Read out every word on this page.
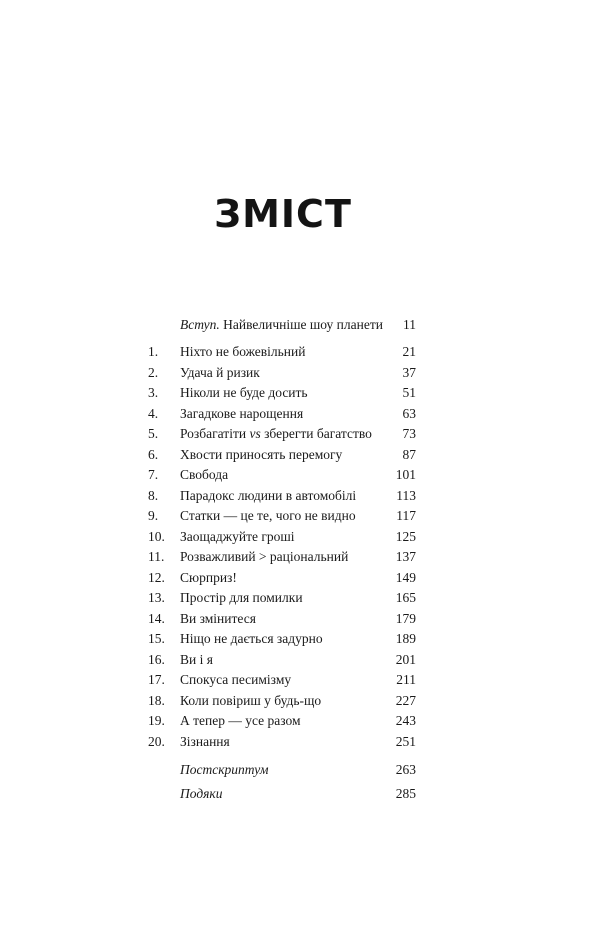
ЗМІСТ
Вступ. Найвеличніше шоу планети 11
1. Ніхто не божевільний	21
2. Удача й ризик	37
3. Ніколи не буде досить	51
4. Загадкове нарощення	63
5. Розбагатіти vs зберегти багатство 73
6. Хвости приносять перемогу	87
7. Свобода	101
8. Парадокс людини в автомобілі	113
9. Статки — це те, чого не видно	117
10. Заощаджуйте гроші	125
11. Розважливий > раціональний	137
12. Сюрприз!	149
13. Простір для помилки	165
14. Ви змінитеся	179
15. Ніщо не дається задурно	189
16. Ви і я	201
17. Спокуса песимізму	211
18. Коли повіриш у будь-що	227
19. А тепер — усе разом	243
20. Зізнання	251
Постскриптум	263
Подяки	285
